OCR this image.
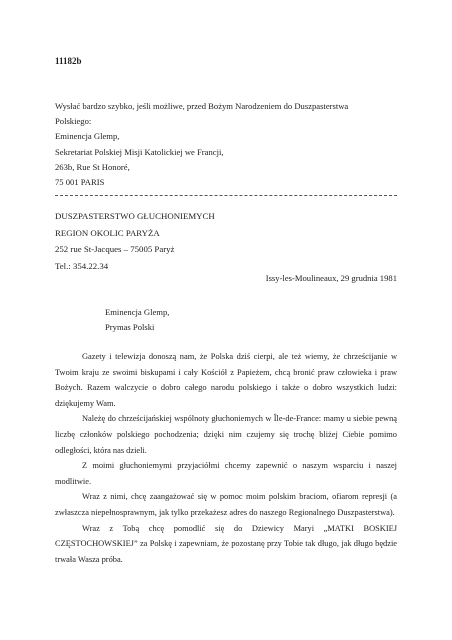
11182b
Wysłać bardzo szybko, jeśli możliwe, przed Bożym Narodzeniem do Duszpasterstwa
Polskiego:
Eminencja Glemp,
Sekretariat Polskiej Misji Katolickiej we Francji,
263b, Rue St Honoré,
75 001 PARIS
DUSZPASTERSTWO GŁUCHONIEMYCH
REGION OKOLIC PARYŻA
252 rue St-Jacques – 75005 Paryż
Tel.: 354.22.34
Issy-les-Moulineaux, 29 grudnia 1981
Eminencja Glemp,
Prymas Polski

Gazety i telewizja donoszą nam, że Polska dziś cierpi, ale też wiemy, że chrześcijanie w Twoim kraju ze swoimi biskupami i cały Kościół z Papieżem, chcą bronić praw człowieka i praw Bożych. Razem walczycie o dobro całego narodu polskiego i także o dobro wszystkich ludzi: dziękujemy Wam.

Należę do chrześcijańskiej wspólnoty głuchoniemych w Île-de-France: mamy u siebie pewną liczbę członków polskiego pochodzenia; dzięki nim czujemy się trochę bliżej Ciebie pomimo odległości, która nas dzieli.

Z moimi głuchoniemymi przyjaciółmi chcemy zapewnić o naszym wsparciu i naszej modlitwie.

Wraz z nimi, chcę zaangażować się w pomoc moim polskim braciom, ofiarom represji (a zwłaszcza niepełnosprawnym, jak tylko przekażesz adres do naszego Regionalnego Duszpasterstwa).

Wraz z Tobą chcę pomodlić się do Dziewicy Maryi „MATKI BOSKIEJ CZĘSTOCHOWSKIEJ” za Polskę i zapewniam, że pozostanę przy Tobie tak długo, jak długo będzie trwała Wasza próba.
